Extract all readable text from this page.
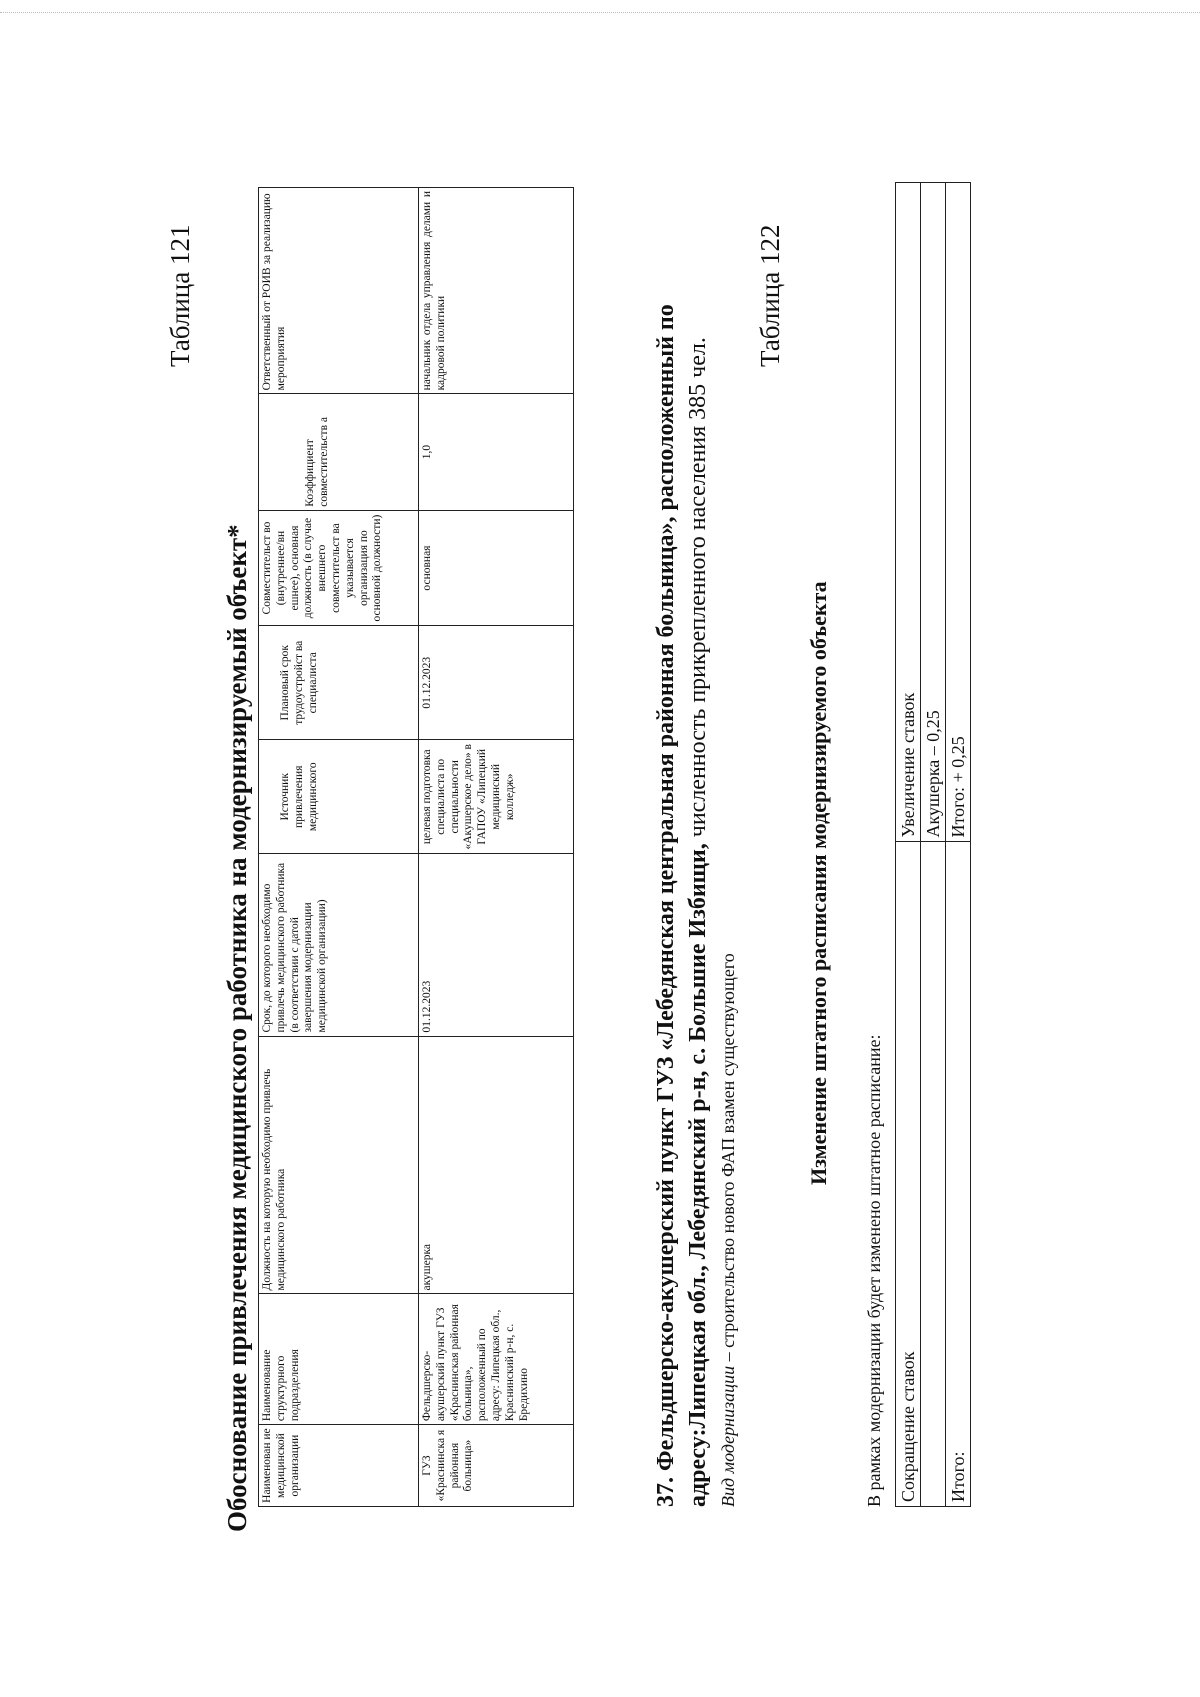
Таблица 121
Обоснование привлечения медицинского работника на модернизируемый объект* Наименован ие медицинской организации	Наименование структурного подразделения	Должность на которую необходимо привлечь медицинского работника	Срок, до которого необходимо привлечь медицинского работника (в соответствии с датой завершения модернизации медицинской организации)	Источник привлечения медицинского	Плановый срок трудоустройст ва специалиста	Совместительст во (внутреннее/вн ешнее), основная должность (в случае внешнего совместительст ва указывается организация по основной должности)	Коэффициент совместительств а	Ответственный от РОИВ за реализацию мероприятия
ГУЗ «Краснинска я районная больница»	Фельдшерско-акушерский пункт ГУЗ «Краснинская районная больница», расположенный по адресу: Липецкая обл., Краснинский р-н, с. Бредихино	акушерка	01.12.2023	целевая подготовка специалиста по специальности «Акушерское дело» в ГАПОУ «Липецкий медицинский колледж»	01.12.2023	основная	1,0	начальник отдела управления делами и кадровой политики	37. Фельдшерско-акушерский пункт ГУЗ «Лебедянская центральная районная больница», расположенный по адресу:Липецкая обл., Лебедянский р-н, с. Большие Избищи, численность прикрепленного населения 385 чел.
Вид модернизации – строительство нового ФАП взамен существующего
Таблица 122
Изменение штатного расписания модернизируемого объекта
В рамках модернизации будет изменено штатное расписание: Сокращение ставок	Увеличение ставок
	Акушерка – 0,25
Итого:	Итого: + 0,25
